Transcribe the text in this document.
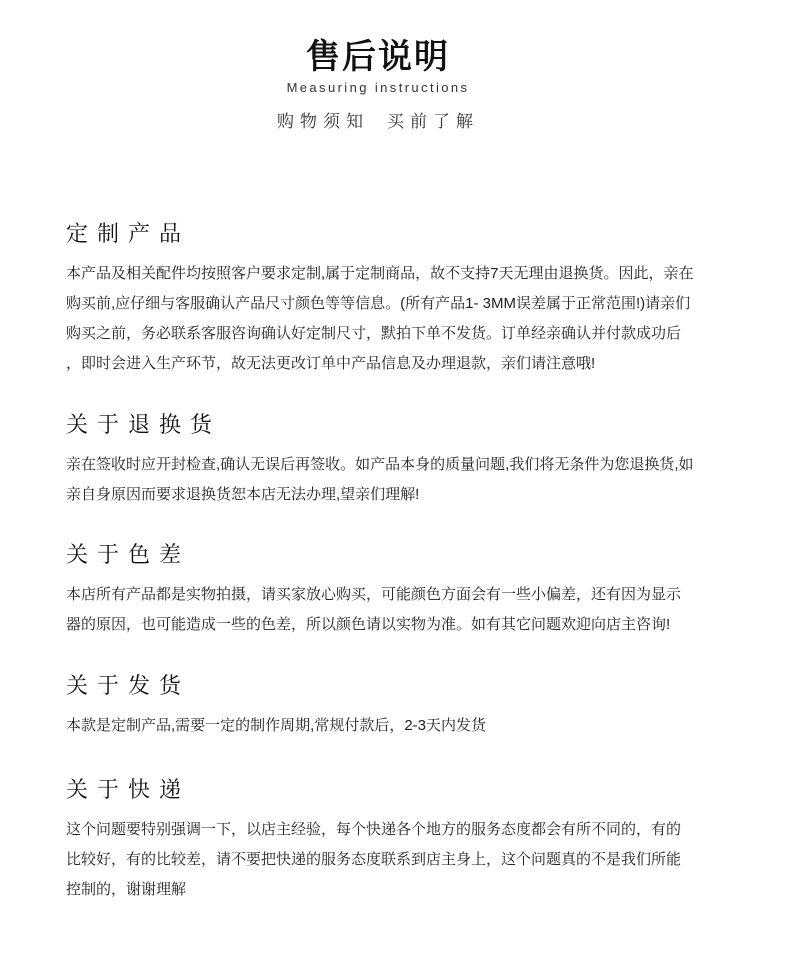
售后说明
Measuring instructions
购物须知 买前了解
定制产品
本产品及相关配件均按照客户要求定制,属于定制商品，故不支持7天无理由退换货。因此，亲在
购买前,应仔细与客服确认产品尺寸颜色等等信息。(所有产品1- 3MM误差属于正常范围!)请亲们
购买之前，务必联系客服咨询确认好定制尺寸，默拍下单不发货。订单经亲确认并付款成功后
，即时会进入生产环节，故无法更改订单中产品信息及办理退款，亲们请注意哦!
关于退换货
亲在签收时应开封检查,确认无误后再签收。如产品本身的质量问题,我们将无条件为您退换货,如
亲自身原因而要求退换货恕本店无法办理,望亲们理解!
关于色差
本店所有产品都是实物拍摄，请买家放心购买，可能颜色方面会有一些小偏差，还有因为显示
器的原因，也可能造成一些的色差，所以颜色请以实物为准。如有其它问题欢迎向店主咨询!
关于发货
本款是定制产品,需要一定的制作周期,常规付款后，2-3天内发货
关于快递
这个问题要特别强调一下，以店主经验，每个快递各个地方的服务态度都会有所不同的，有的
比较好，有的比较差，请不要把快递的服务态度联系到店主身上，这个问题真的不是我们所能
控制的，谢谢理解
